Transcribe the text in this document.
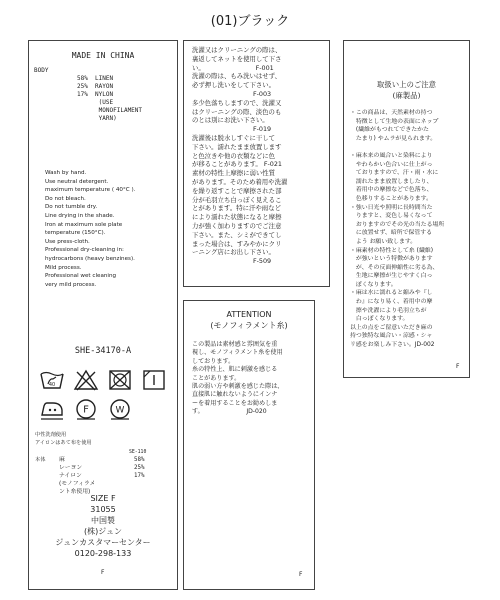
(01)ブラック
MADE IN CHINA
BODY
58%  LINEN
25%  RAYON
17%  NYLON
(USE
MONOFILAMENT
YARN)
Wash by hand.
Use neutral detergent.
maximum temperature ( 40°C ).
Do not bleach.
Do not tumble dry.
Line drying in the shade.
Iron at maximum sole plate
temperature (150°C).
Use press-cloth.
Professional dry-cleaning in:
hydrocarbons (heavy benzines).
Mild process.
Professional wet cleaning
very mild process.
SHE-34170-A
40
F	W
中性洗剤使用
アイロンはあて布を使用
SE-110
本体 麻
レーヨン
ナイロン
(モノフィラメ
ント糸使用)
58%
25%
17%
SIZE F
31055
中国製
(株)ジュン
ジュンカスタマーセンター
0120-298-133
F
洗濯又はクリーニングの際は、
裏返してネットを使用して下さ
い。                         F-001
洗濯の際は、もみ洗いはせず、
必ず押し洗いをして下さい。
F-003
多少色落ちしますので、洗濯又
はクリーニングの際、淡色のも
のとは別にお洗い下さい。
F-019
洗濯後は脱水しすぐに干して
下さい。濡れたまま放置します
と色泣きや他の衣類などに色
が移ることがあります。 F-021
素材の特性上摩擦に弱い性質
があります。そのため着用や洗濯
を繰り返すことで摩擦された部
分が毛羽立ち白っぽく見えるこ
とがあります。特に汗や雨など
により濡れた状態になると摩擦
力が強く加わりますのでご注意
下さい。また、シミができてし
まった場合は、すみやかにクリ
ーニング店にお出し下さい。
F-509
ATTENTION
(モノフィラメント糸)
この製品は素材感と雰囲気を重
視し、モノフィラメント糸を使用
しております。
糸の特性上、肌に刺激を感じる
ことがあります。
肌の弱い方や刺激を感じた際は、
直接肌に触れないようにインナ
ーを着用することをお勧めしま
す。                      JD-020
F
取扱い上のご注意
(麻製品)
・この商品は、天然素材の持つ
　特徴として生地の表面にネップ
　(繊維がもつれてできたかた
　たまり) やムラが見られます。

・麻本来の風合いと染料により
　やわらかい色合いに仕上がっ
　ておりますので、汗・雨・水に
　濡れたまま放置しましたり、
　着用中の摩擦などで色落ち、
　色移りすることがあります。
・強い日光や照明に長時間当た
　りますと、変色し易くなって
　おりますのでその光の当たる場所
　に放置せず、暗所で保管する
　よう お願い致します。
・麻素材の特性として糸 (繊維)
　が強いという特徴があります
　が、その反面伸縮性に劣る為、
　生地に摩擦が生じやすく白っ
　ぽくなります。
・麻は水に濡れると縮みや『し
　わ』になり易く、着用中の摩
　擦や洗濯により毛羽立ちが
　白っぽくなります。
以上の点をご留意いただき麻の
持つ独特な風合い・涼感・シャ
リ感をお楽しみ下さい。JD-002
F
